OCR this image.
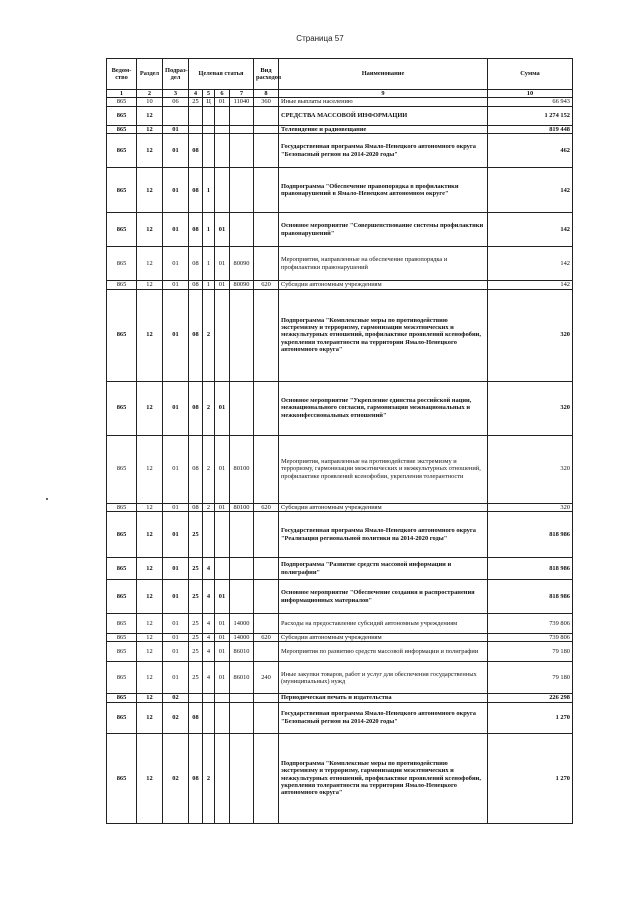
Страница 57
Ведом-ство	Раздел	Подраз-дел	Целевая статья				Вид расходов	Наименование	Сумма
1	2	3	4	5	6	7	8	9	10
865	10	06	25	Ц	01	11040	360	Иные выплаты населению	66 943
865	12							СРЕДСТВА МАССОВОЙ ИНФОРМАЦИИ	1 274 152
865	12	01						Телевидение и радиовещание	819 448
865	12	01	08					Государственная программа Ямало-Ненецкого автономного округа "Безопасный регион на 2014-2020 годы"	462
865	12	01	08	1				Подпрограмма "Обеспечение правопорядка в профилактики правонарушений в Ямало-Ненецком автономном округе"	142
865	12	01	08	1	01			Основное мероприятие "Совершенствование системы профилактики правонарушений"	142
865	12	01	08	1	01	80090		Мероприятия, направленные на обеспечение правопорядка и профилактики правонарушений	142
865	12	01	08	1	01	80090	620	Субсидии автономным учреждениям	142
865	12	01	08	2				Подпрограмма "Комплексные меры по противодействию экстремизму и терроризму, гармонизации межэтнических и межкультурных отношений, профилактике проявлений ксенофобии, укрепления толерантности на территории Ямало-Ненецкого автономного округа"	320
865	12	01	08	2	01			Основное мероприятие "Укрепление единства российской нации, межнационального согласия, гармонизация межнациональных и межконфессиональных отношений"	320
865	12	01	08	2	01	80100		Мероприятия, направленные на противодействие экстремизму и терроризму, гармонизации межэтнических и межкультурных отношений, профилактике проявлений ксенофобии, укрепления толерантности	320
865	12	01	08	2	01	80100	620	Субсидии автономным учреждениям	320
865	12	01	25					Государственная программа Ямало-Ненецкого автономного округа "Реализация региональной политики на 2014-2020 годы"	818 986
865	12	01	25	4				Подпрограмма "Развитие средств массовой информации и полиграфии"	818 986
865	12	01	25	4	01			Основное мероприятие "Обеспечение создания и распространения информационных материалов"	818 986
865	12	01	25	4	01	14000		Расходы на предоставление субсидий автономным учреждениям	739 806
865	12	01	25	4	01	14000	620	Субсидии автономным учреждениям	739 806
865	12	01	25	4	01	86010		Мероприятия по развитию средств массовой информации и полиграфии	79 180
865	12	01	25	4	01	86010	240	Иные закупки товаров, работ и услуг для обеспечения государственных (муниципальных) нужд	79 180
865	12	02						Периодическая печать и издательства	226 298
865	12	02	08					Государственная программа Ямало-Ненецкого автономного округа "Безопасный регион на 2014-2020 годы"	1 270
865	12	02	08	2				Подпрограмма "Комплексные меры по противодействию экстремизму и терроризму, гармонизации межэтнических и межкультурных отношений, профилактике проявлений ксенофобии, укрепления толерантности на территории Ямало-Ненецкого автономного округа"	1 270
